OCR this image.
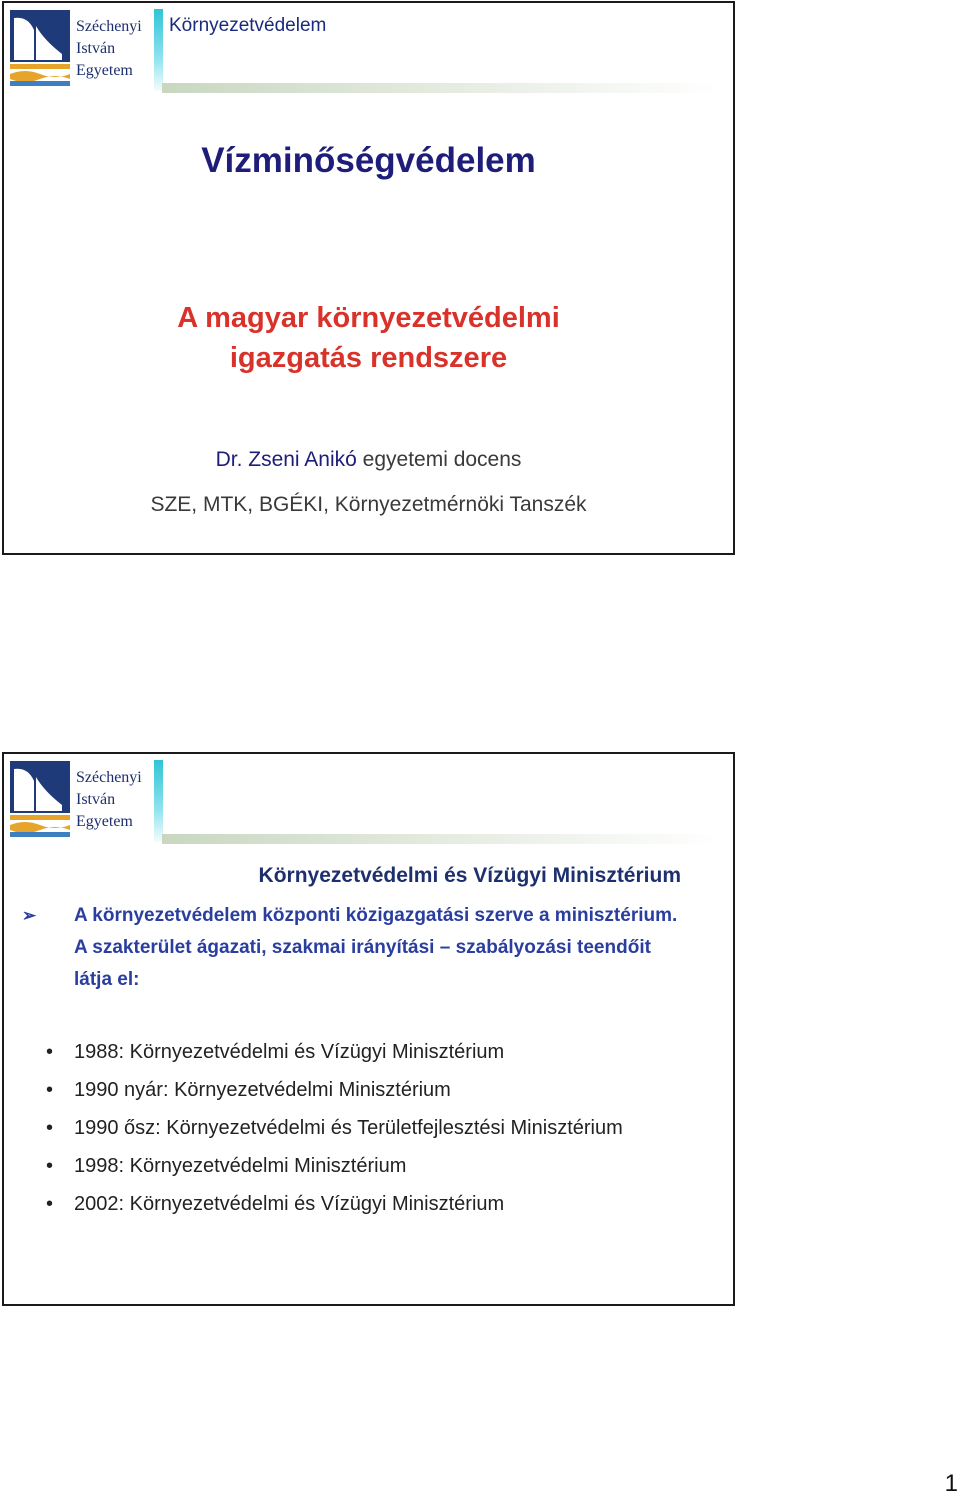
Széchenyi
István
Egyetem
Környezetvédelem
Vízminőségvédelem
A magyar környezetvédelmi
igazgatás rendszere
Dr. Zseni Anikó egyetemi docens
SZE, MTK, BGÉKI, Környezetmérnöki Tanszék
Széchenyi
István
Egyetem
Környezetvédelmi és Vízügyi Minisztérium
➢ A környezetvédelem központi közigazgatási szerve a minisztérium. A szakterület ágazati, szakmai irányítási – szabályozási teendőit látja el:
• 1988: Környezetvédelmi és Vízügyi Minisztérium
• 1990 nyár: Környezetvédelmi Minisztérium
• 1990 ősz: Környezetvédelmi és Területfejlesztési Minisztérium
• 1998: Környezetvédelmi Minisztérium
• 2002: Környezetvédelmi és Vízügyi Minisztérium
1
